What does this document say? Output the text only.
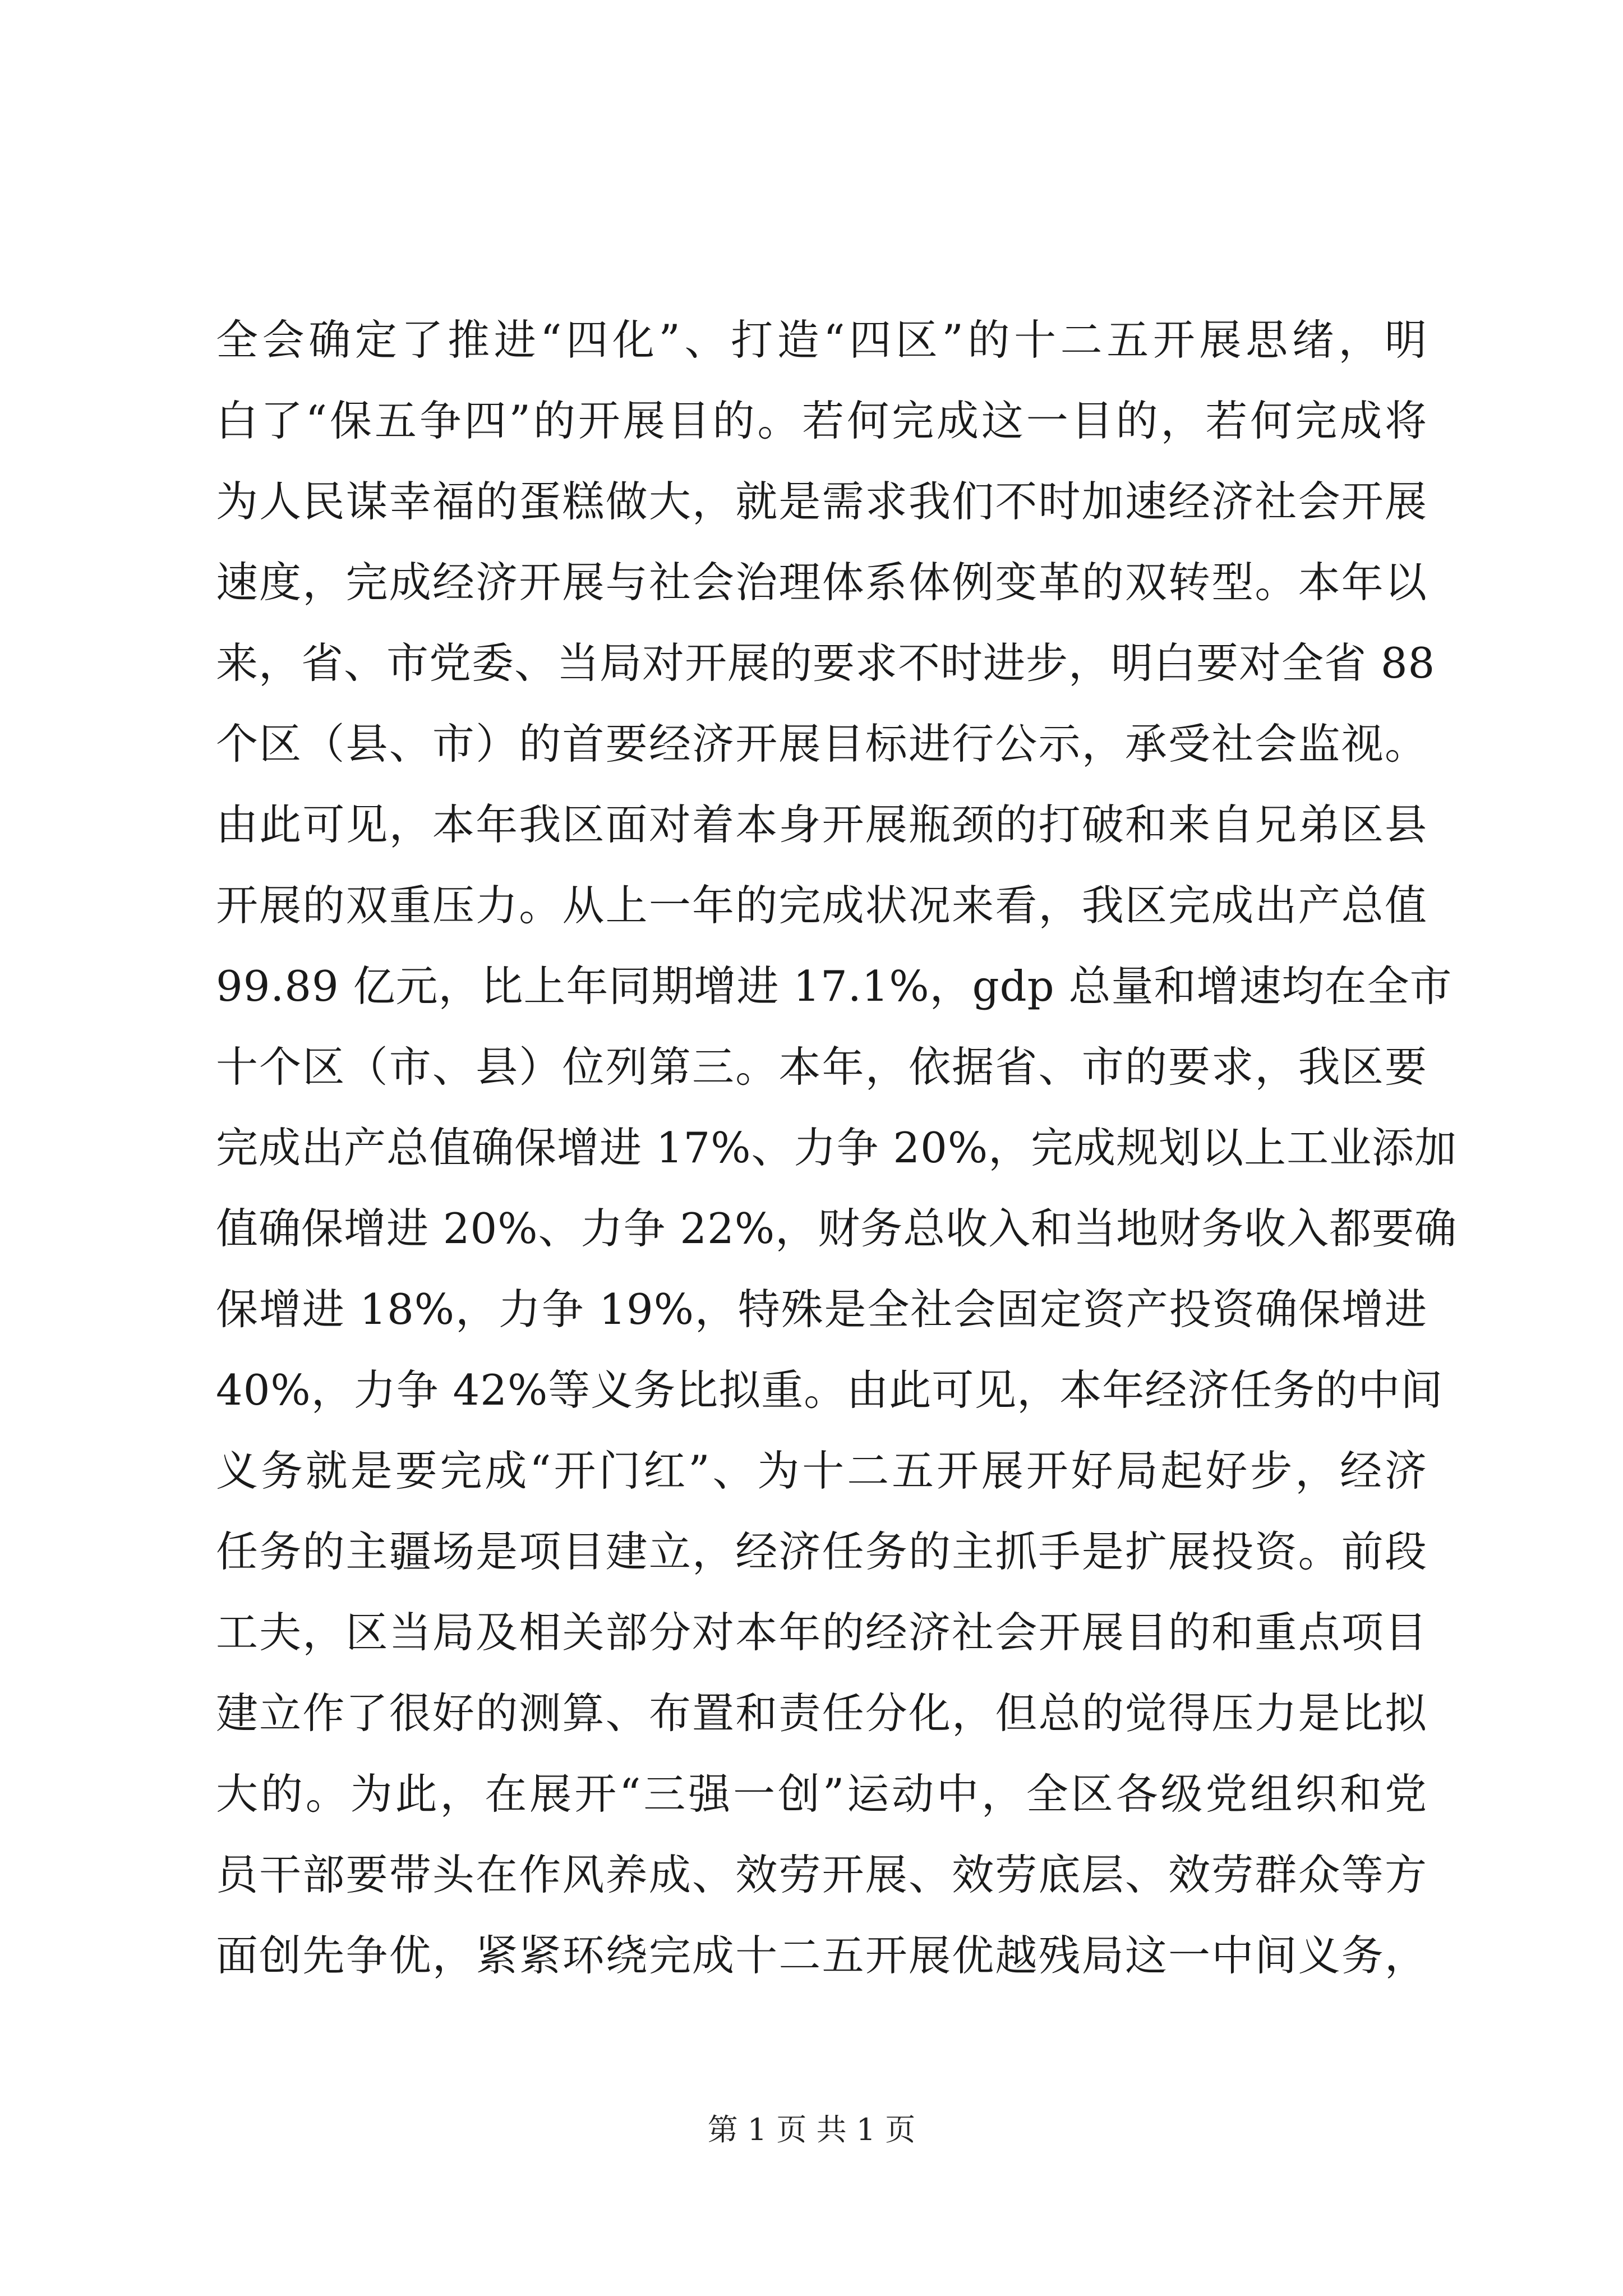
全会确定了推进“四化”、打造“四区”的十二五开展思绪，明
白了“保五争四”的开展目的。若何完成这一目的，若何完成将
为人民谋幸福的蛋糕做大，就是需求我们不时加速经济社会开展
速度，完成经济开展与社会治理体系体例变革的双转型。本年以
来，省、市党委、当局对开展的要求不时进步，明白要对全省 88
个区（县、市）的首要经济开展目标进行公示，承受社会监视。
由此可见，本年我区面对着本身开展瓶颈的打破和来自兄弟区县
开展的双重压力。从上一年的完成状况来看，我区完成出产总值
99.89 亿元，比上年同期增进 17.1%，gdp 总量和增速均在全市
十个区（市、县）位列第三。本年，依据省、市的要求，我区要
完成出产总值确保增进 17%、力争 20%，完成规划以上工业添加
值确保增进 20%、力争 22%，财务总收入和当地财务收入都要确
保增进 18%，力争 19%，特殊是全社会固定资产投资确保增进
40%，力争 42%等义务比拟重。由此可见，本年经济任务的中间
义务就是要完成“开门红”、为十二五开展开好局起好步，经济
任务的主疆场是项目建立，经济任务的主抓手是扩展投资。前段
工夫，区当局及相关部分对本年的经济社会开展目的和重点项目
建立作了很好的测算、布置和责任分化，但总的觉得压力是比拟
大的。为此，在展开“三强一创”运动中，全区各级党组织和党
员干部要带头在作风养成、效劳开展、效劳底层、效劳群众等方
面创先争优，紧紧环绕完成十二五开展优越残局这一中间义务，
第 1 页 共 1 页
